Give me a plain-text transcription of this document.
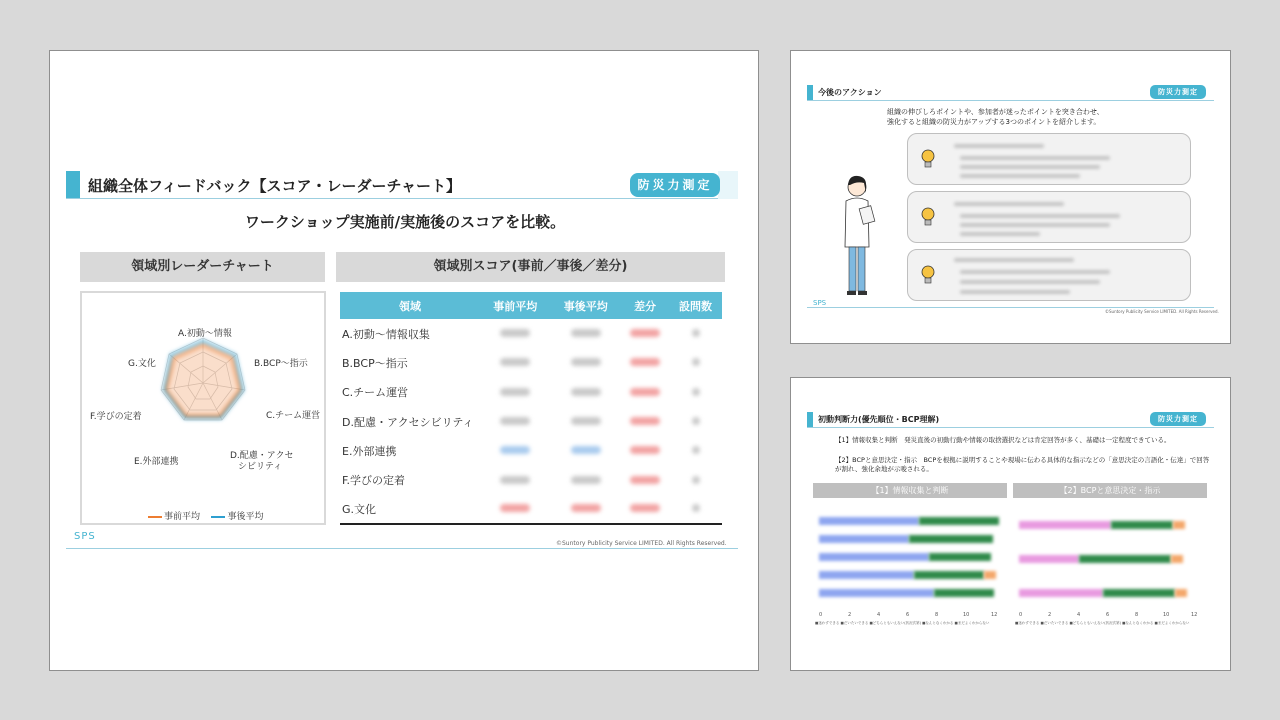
組織全体フィードバック【スコア・レーダーチャート】	防災力測定
ワークショップ実施前/実施後のスコアを比較。
領域別レーダーチャート	領域別スコア(事前／事後／差分)
A.初動～情報
B.BCP～指示
C.チーム運営
D.配慮・アクセ
シビリティ
E.外部連携
F.学びの定着
G.文化
事前平均	事後平均
領域	事前平均	事後平均	差分	設問数
A.初動～情報収集				
B.BCP～指示				
C.チーム運営				
D.配慮・アクセシビリティ				
E.外部連携				
F.学びの定着				
G.文化				
SPS
©Suntory Publicity Service LIMITED. All Rights Reserved.
今後のアクション	防災力測定
組織の伸びしろポイントや、参加者が迷ったポイントを突き合わせ、
強化すると組織の防災力がアップする3つのポイントを紹介します。
SPS
©Suntory Publicity Service LIMITED. All Rights Reserved.
初動判断力(優先順位・BCP理解)	防災力測定
【1】情報収集と判断　発災直後の初動行動や情報の取捨選択などは肯定回答が多く、基礎は一定程度できている。
【2】BCPと意思決定・指示　BCPを根拠に説明することや現場に伝わる具体的な指示などの「意思決定の言語化・伝達」で回答が割れ、強化余地が示唆される。
【1】情報収集と判断	【2】BCPと意思決定・指示
0	2	4	6	8	10	12	0	2	4	6	8	10	12
■迷わずできる ■だいたいできる ■どちらともいえない(状況次第) ■なんとなくわかる ■まだよくわからない	■迷わずできる ■だいたいできる ■どちらともいえない(状況次第) ■なんとなくわかる ■まだよくわからない
